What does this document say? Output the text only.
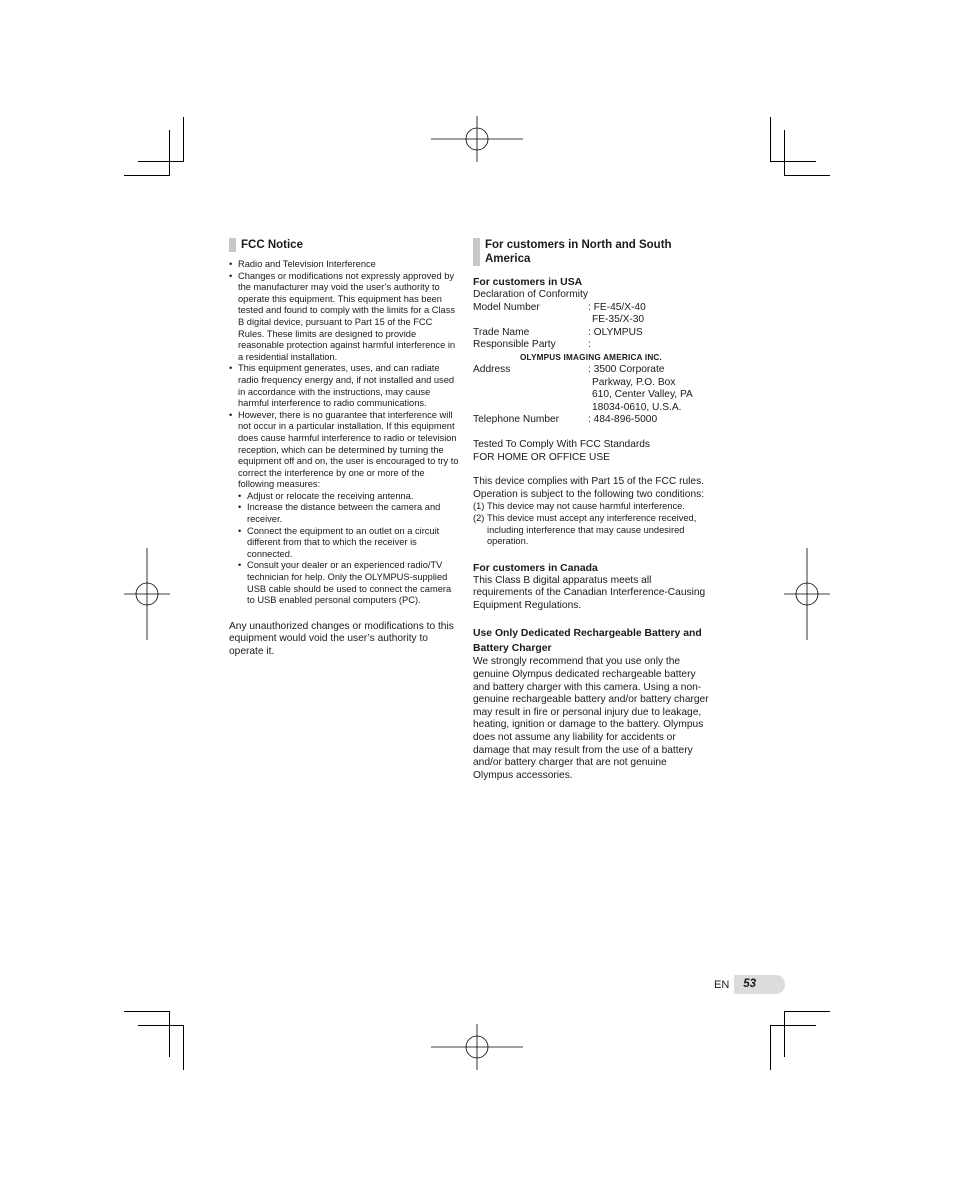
FCC Notice
• Radio and Television Interference
• Changes or modifications not expressly approved by the manufacturer may void the user’s authority to operate this equipment. This equipment has been tested and found to comply with the limits for a Class B digital device, pursuant to Part 15 of the FCC Rules. These limits are designed to provide reasonable protection against harmful interference in a residential installation.
• This equipment generates, uses, and can radiate radio frequency energy and, if not installed and used in accordance with the instructions, may cause harmful interference to radio communications.
• However, there is no guarantee that interference will not occur in a particular installation. If this equipment does cause harmful interference to radio or television reception, which can be determined by turning the equipment off and on, the user is encouraged to try to correct the interference by one or more of the following measures:
• Adjust or relocate the receiving antenna.
• Increase the distance between the camera and receiver.
• Connect the equipment to an outlet on a circuit different from that to which the receiver is connected.
• Consult your dealer or an experienced radio/TV technician for help. Only the OLYMPUS-supplied USB cable should be used to connect the camera to USB enabled personal computers (PC).
Any unauthorized changes or modifications to this equipment would void the user’s authority to operate it.
For customers in North and South America
For customers in USA
Declaration of Conformity
Model Number	: FE-45/X-40
FE-35/X-30
Trade Name	: OLYMPUS
Responsible Party	:
OLYMPUS IMAGING AMERICA INC.
Address	: 3500 Corporate
Parkway, P.O. Box
610, Center Valley, PA
18034-0610, U.S.A.
Telephone Number	: 484-896-5000
Tested To Comply With FCC Standards
FOR HOME OR OFFICE USE
This device complies with Part 15 of the FCC rules. Operation is subject to the following two conditions:
(1) This device may not cause harmful interference.
(2) This device must accept any interference received, including interference that may cause undesired operation.
For customers in Canada
This Class B digital apparatus meets all requirements of the Canadian Interference-Causing Equipment Regulations.
Use Only Dedicated Rechargeable Battery and Battery Charger
We strongly recommend that you use only the genuine Olympus dedicated rechargeable battery and battery charger with this camera. Using a non-genuine rechargeable battery and/or battery charger may result in fire or personal injury due to leakage, heating, ignition or damage to the battery. Olympus does not assume any liability for accidents or damage that may result from the use of a battery and/or battery charger that are not genuine Olympus accessories.
EN	53
